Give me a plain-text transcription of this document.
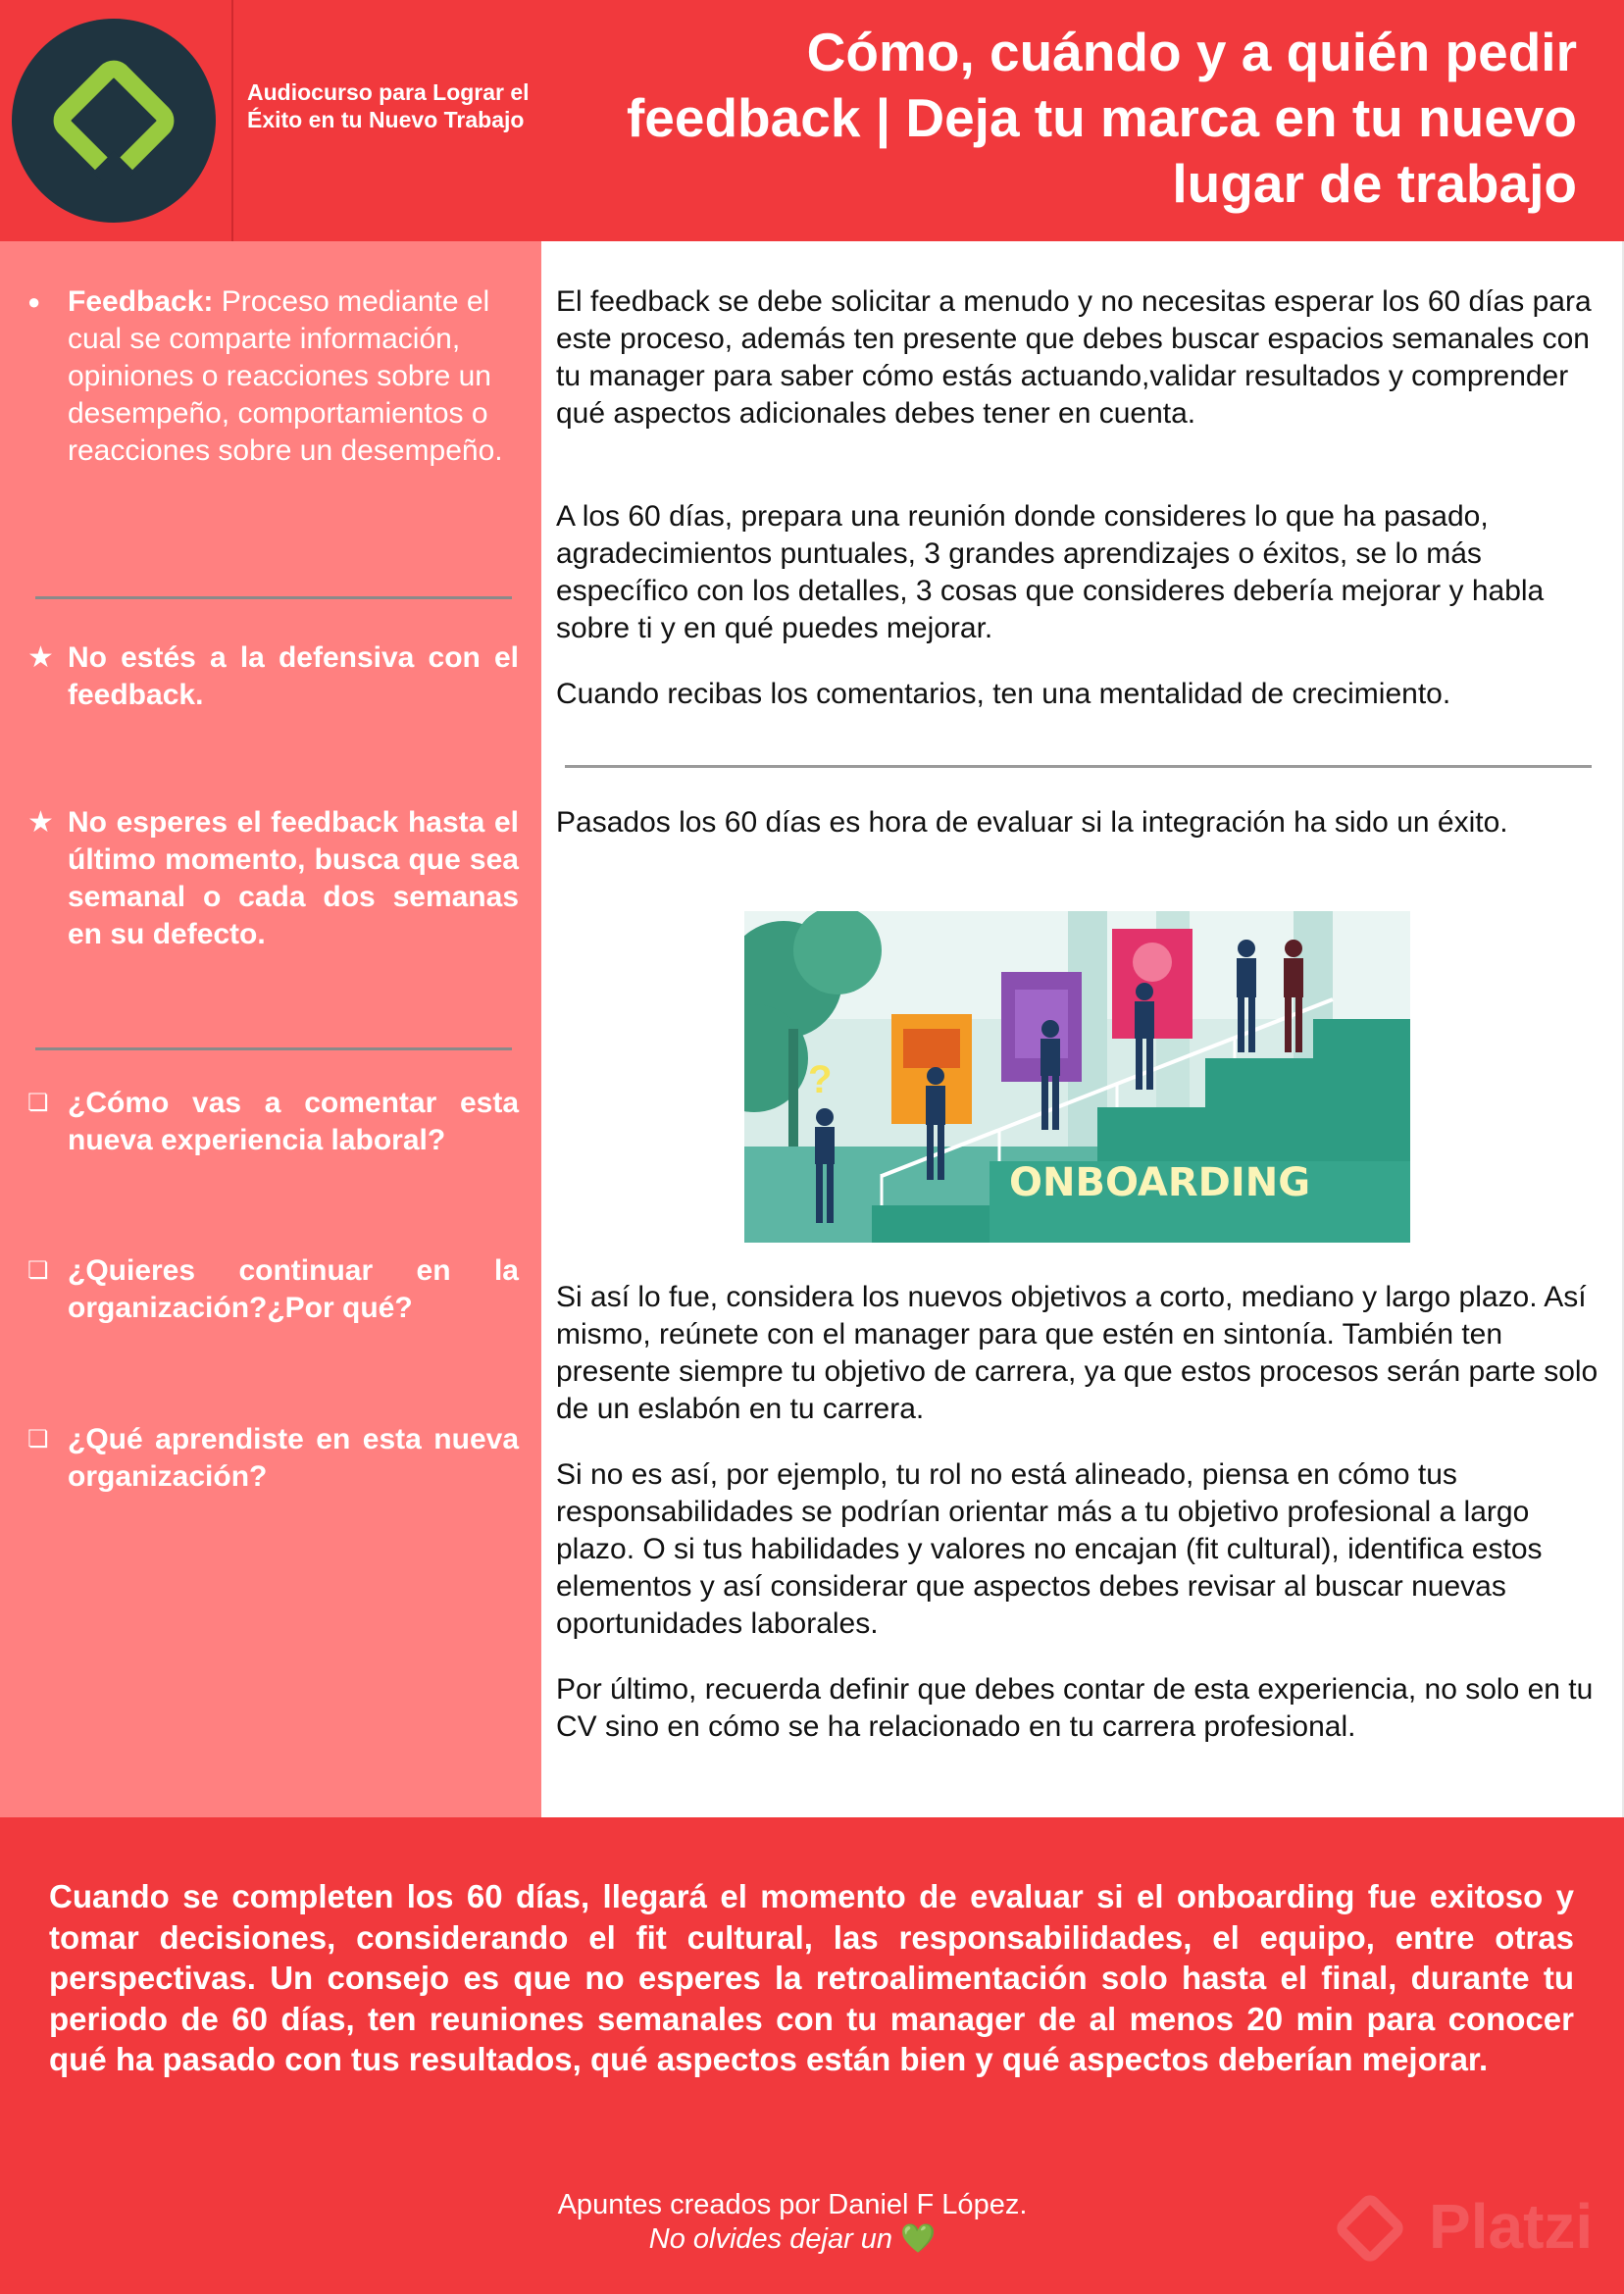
Audiocurso para Lograr el Éxito en tu Nuevo Trabajo
Cómo, cuándo y a quién pedir feedback | Deja tu marca en tu nuevo lugar de trabajo
● Feedback: Proceso mediante el cual se comparte información, opiniones o reacciones sobre un desempeño, comportamientos o reacciones sobre un desempeño.
★ No estés a la defensiva con el feedback.
★ No esperes el feedback hasta el último momento, busca que sea semanal o cada dos semanas en su defecto.
❏ ¿Cómo vas a comentar esta nueva experiencia laboral?
❏ ¿Quieres continuar en la organización?¿Por qué?
❏ ¿Qué aprendiste en esta nueva organización?

El feedback se debe solicitar a menudo y no necesitas esperar los 60 días para este proceso, además ten presente que debes buscar espacios semanales con tu manager para saber cómo estás actuando,validar resultados y comprender qué aspectos adicionales debes tener en cuenta.

A los 60 días, prepara una reunión donde consideres lo que ha pasado, agradecimientos puntuales, 3 grandes aprendizajes o éxitos, se lo más específico con los detalles, 3 cosas que consideres debería mejorar y habla sobre ti y en qué puedes mejorar.

Cuando recibas los comentarios, ten una mentalidad de crecimiento.

Pasados los 60 días es hora de evaluar si la integración ha sido un éxito.

?
ONBOARDING

Si así lo fue, considera los nuevos objetivos a corto, mediano y largo plazo. Así mismo, reúnete con el manager para que estén en sintonía. También ten presente siempre tu objetivo de carrera, ya que estos procesos serán parte solo de un eslabón en tu carrera.

Si no es así, por ejemplo, tu rol no está alineado, piensa en cómo tus responsabilidades se podrían orientar más a tu objetivo profesional a largo plazo. O si tus habilidades y valores no encajan (fit cultural), identifica estos elementos y así considerar que aspectos debes revisar al buscar nuevas oportunidades laborales.

Por último, recuerda definir que debes contar de esta experiencia, no solo en tu CV sino en cómo se ha relacionado en tu carrera profesional.

Cuando se completen los 60 días, llegará el momento de evaluar si el onboarding fue exitoso y tomar decisiones, considerando el fit cultural, las responsabilidades, el equipo, entre otras perspectivas. Un consejo es que no esperes la retroalimentación solo hasta el final, durante tu periodo de 60 días, ten reuniones semanales con tu manager de al menos 20 min para conocer qué ha pasado con tus resultados, qué aspectos están bien y qué aspectos deberían mejorar.

Apuntes creados por Daniel F López.
No olvides dejar un 💚	Platzi
